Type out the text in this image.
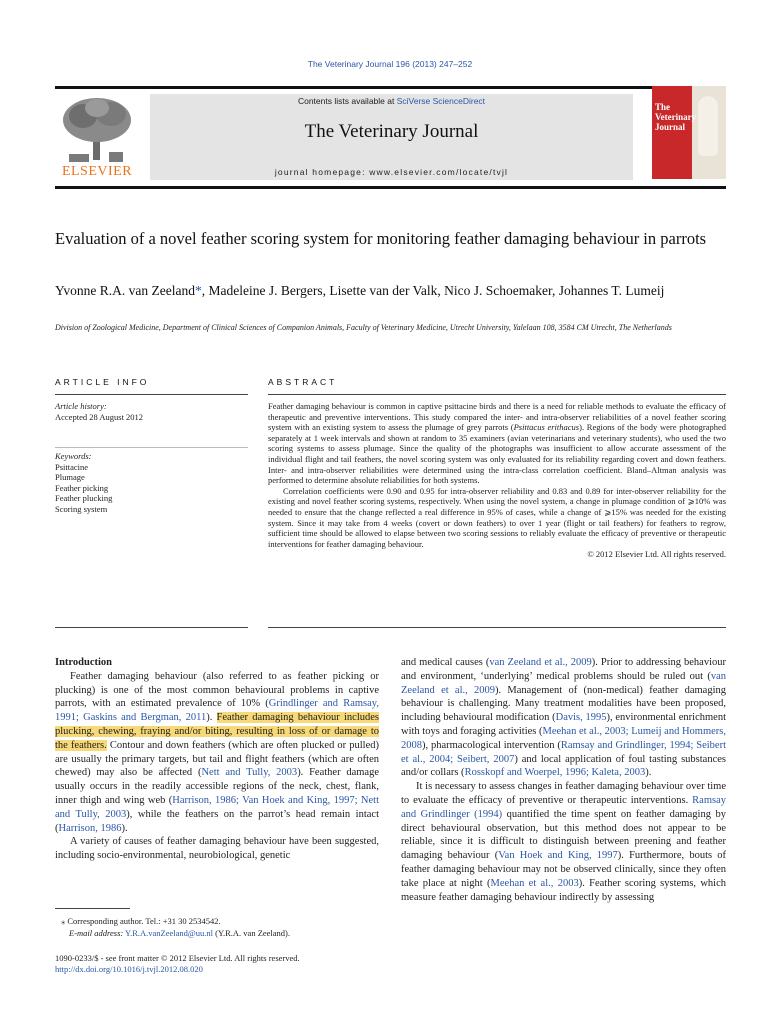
The Veterinary Journal 196 (2013) 247–252
ELSEVIER
Contents lists available at SciVerse ScienceDirect
The Veterinary Journal
journal homepage: www.elsevier.com/locate/tvjl
The Veterinary Journal
Evaluation of a novel feather scoring system for monitoring feather damaging behaviour in parrots
Yvonne R.A. van Zeeland*, Madeleine J. Bergers, Lisette van der Valk, Nico J. Schoemaker, Johannes T. Lumeij
Division of Zoological Medicine, Department of Clinical Sciences of Companion Animals, Faculty of Veterinary Medicine, Utrecht University, Yalelaan 108, 3584 CM Utrecht, The Netherlands
ARTICLE INFO	ABSTRACT
Article history:
Accepted 28 August 2012
Keywords:
Psittacine
Plumage
Feather picking
Feather plucking
Scoring system

Feather damaging behaviour is common in captive psittacine birds and there is a need for reliable methods to evaluate the efficacy of therapeutic and preventive interventions. This study compared the inter- and intra-observer reliabilities of a novel feather scoring system with an existing system to assess the plumage of grey parrots (Psittacus erithacus). Regions of the body were photographed separately at 1 week intervals and shown at random to 35 examiners (avian veterinarians and veterinary students), who used the two scoring systems to assess plumage. Since the quality of the photographs was insufficient to allow accurate assessment of the individual flight and tail feathers, the novel scoring system was only evaluated for its reliability regarding covert and down feathers. Inter- and intra-observer reliabilities were determined using the intra-class correlation coefficient. Bland–Altman analysis was performed to determine absolute reliabilities for both systems.

Correlation coefficients were 0.90 and 0.95 for intra-observer reliability and 0.83 and 0.89 for inter-observer reliability for the existing and novel feather scoring systems, respectively. When using the novel system, a change in plumage condition of ⩾10% was needed to ensure that the change reflected a real difference in 95% of cases, while a change of ⩾15% was needed for the existing system. Since it may take from 4 weeks (covert or down feathers) to over 1 year (flight or tail feathers) for feathers to regrow, sufficient time should be allowed to elapse between two scoring sessions to reliably evaluate the efficacy of preventive or therapeutic interventions for feather damaging behaviour.

© 2012 Elsevier Ltd. All rights reserved.

Introduction

Feather damaging behaviour (also referred to as feather picking or plucking) is one of the most common behavioural problems in captive parrots, with an estimated prevalence of 10% (Grindlinger and Ramsay, 1991; Gaskins and Bergman, 2011). Feather damaging behaviour includes plucking, chewing, fraying and/or biting, resulting in loss of or damage to the feathers. Contour and down feathers (which are often plucked or pulled) are usually the primary targets, but tail and flight feathers (which are often chewed) may also be affected (Nett and Tully, 2003). Feather damage usually occurs in the readily accessible regions of the neck, chest, flank, inner thigh and wing web (Harrison, 1986; Van Hoek and King, 1997; Nett and Tully, 2003), while the feathers on the parrot’s head remain intact (Harrison, 1986).

A variety of causes of feather damaging behaviour have been suggested, including socio-environmental, neurobiological, genetic

and medical causes (van Zeeland et al., 2009). Prior to addressing behaviour and environment, ‘underlying’ medical problems should be ruled out (van Zeeland et al., 2009). Management of (non-medical) feather damaging behaviour is challenging. Many treatment modalities have been proposed, including behavioural modification (Davis, 1995), environmental enrichment with toys and foraging activities (Meehan et al., 2003; Lumeij and Hommers, 2008), pharmacological intervention (Ramsay and Grindlinger, 1994; Seibert et al., 2004; Seibert, 2007) and local application of foul tasting substances and/or collars (Rosskopf and Woerpel, 1996; Kaleta, 2003).

It is necessary to assess changes in feather damaging behaviour over time to evaluate the efficacy of preventive or therapeutic interventions. Ramsay and Grindlinger (1994) quantified the time spent on feather damaging by direct behavioural observation, but this method does not appear to be reliable, since it is difficult to distinguish between preening and feather damaging behaviour (Van Hoek and King, 1997). Furthermore, bouts of feather damaging behaviour may not be observed clinically, since they often take place at night (Meehan et al., 2003). Feather scoring systems, which measure feather damaging behaviour indirectly by assessing

⁎ Corresponding author. Tel.: +31 30 2534542.
E-mail address: Y.R.A.vanZeeland@uu.nl (Y.R.A. van Zeeland).
1090-0233/$ - see front matter © 2012 Elsevier Ltd. All rights reserved.
http://dx.doi.org/10.1016/j.tvjl.2012.08.020
